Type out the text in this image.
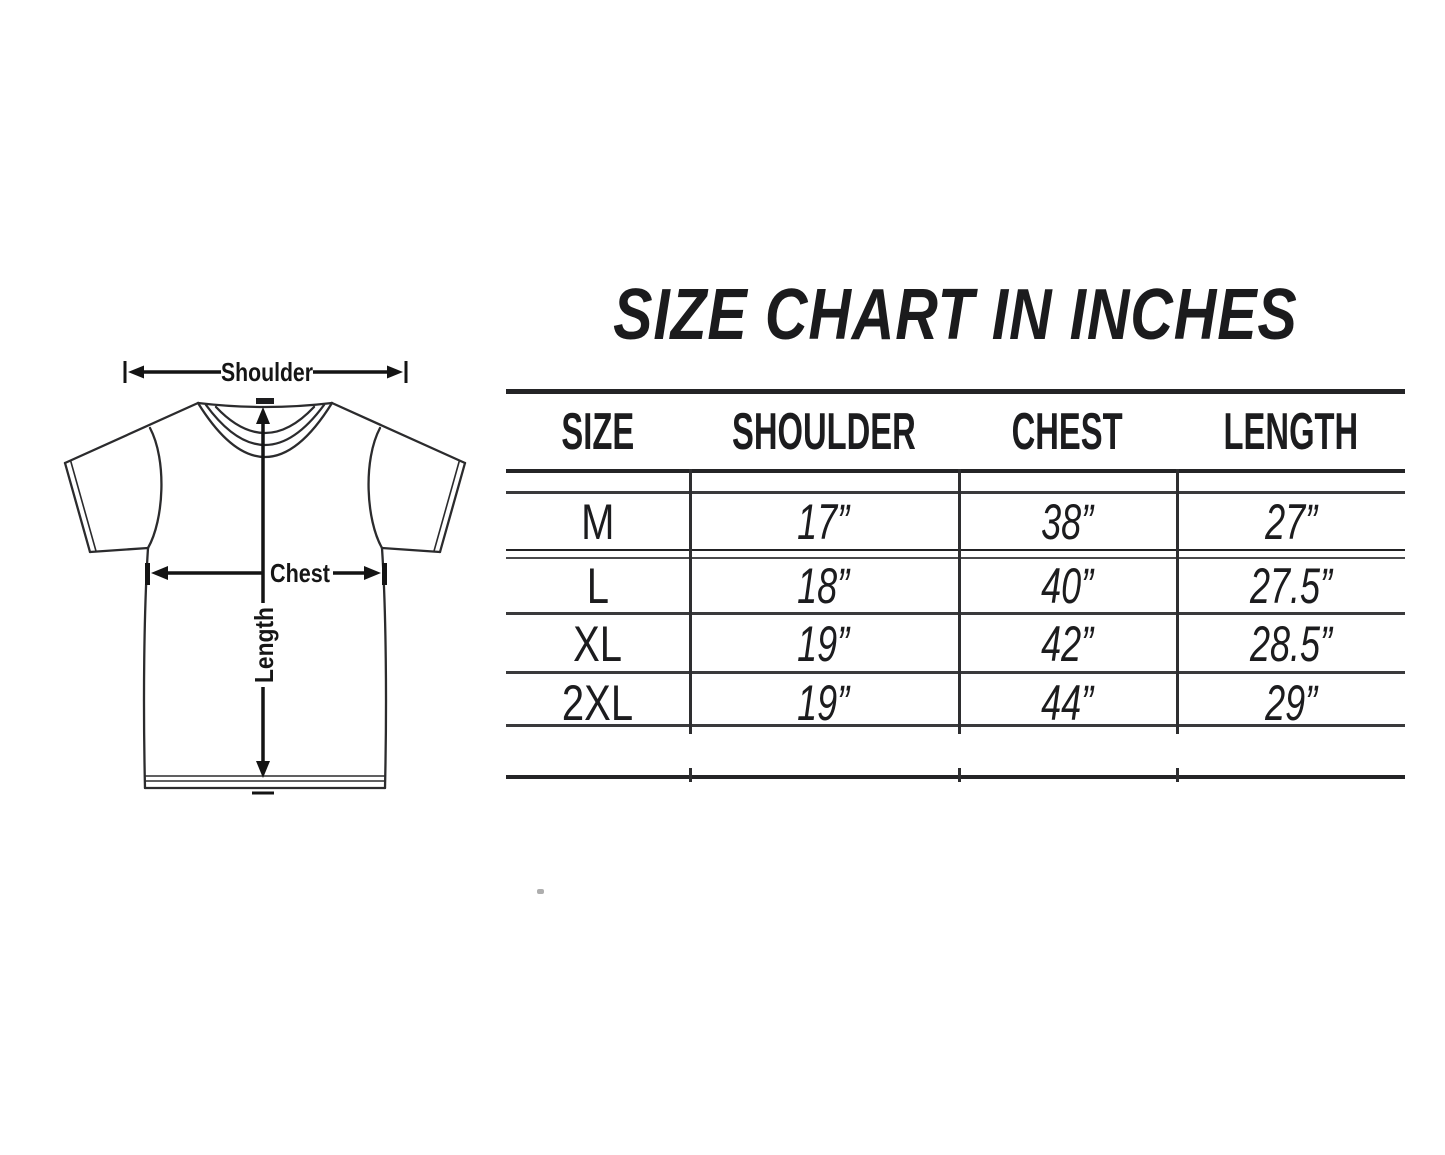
SIZE CHART IN INCHES
Shoulder
Chest
Length
SIZE SHOULDER CHEST LENGTH
M	17”	38”	27”
L	18”	40”	27.5”
XL	19”	42”	28.5”
2XL	19”	44”	29”
